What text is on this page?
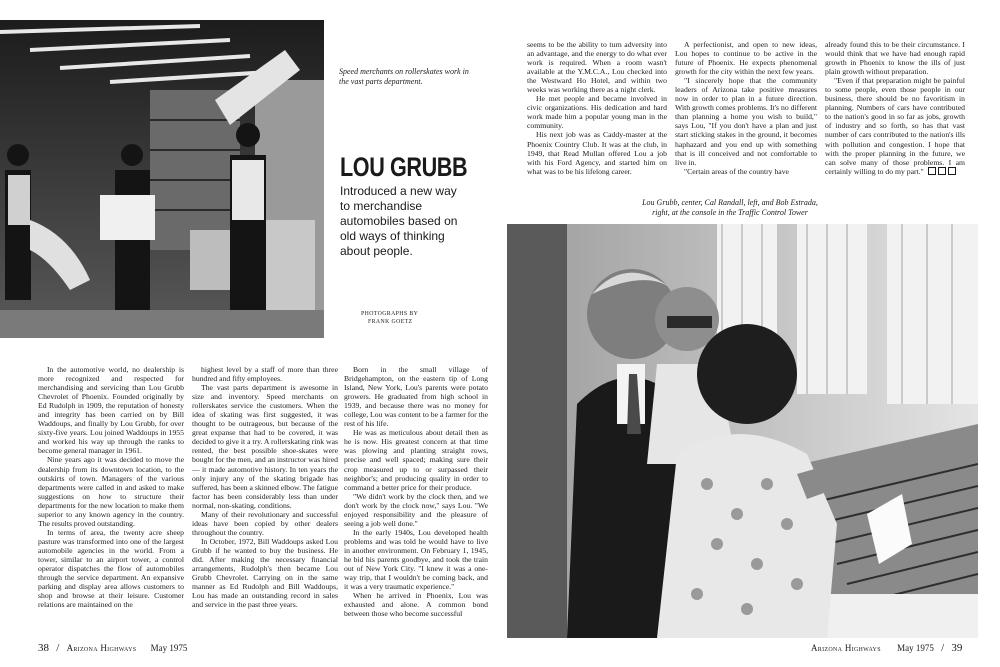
Speed merchants on rollerskates work in the vast parts department.
LOU GRUBB
Introduced a new way to merchandise automobiles based on old ways of thinking about people.
PHOTOGRAPHS BY
FRANK GOETZ

In the automotive world, no dealership is more recognized and respected for merchandising and servicing than Lou Grubb Chevrolet of Phoenix. Founded originally by Ed Rudolph in 1909, the reputation of honesty and integrity has been carried on by Bill Waddoups, and finally by Lou Grubb, for over sixty-five years. Lou joined Waddoups in 1955 and worked his way up through the ranks to become general manager in 1961.

Nine years ago it was decided to move the dealership from its downtown location, to the outskirts of town. Managers of the various departments were called in and asked to make suggestions on how to structure their departments for the new location to make them superior to any known agency in the country. The results proved outstanding.

In terms of area, the twenty acre sheep pasture was transformed into one of the largest automobile agencies in the world. From a tower, similar to an airport tower, a control operator dispatches the flow of automobiles through the service department. An expansive parking and display area allows customers to shop and browse at their leisure. Customer relations are maintained on the

highest level by a staff of more than three hundred and fifty employees.

The vast parts department is awesome in size and inventory. Speed merchants on rollerskates service the customers. When the idea of skating was first suggested, it was thought to be outrageous, but because of the great expanse that had to be covered, it was decided to give it a try. A rollerskating rink was rented, the best possible shoe-skates were bought for the men, and an instructor was hired — it made automotive history. In ten years the only injury any of the skating brigade has suffered, has been a skinned elbow. The fatigue factor has been considerably less than under normal, non-skating, conditions.

Many of their revolutionary and successful ideas have been copied by other dealers throughout the country.

In October, 1972, Bill Waddoups asked Lou Grubb if he wanted to buy the business. He did. After making the necessary financial arrangements, Rudolph's then became Lou Grubb Chevrolet. Carrying on in the same manner as Ed Rudolph and Bill Waddoups, Lou has made an outstanding record in sales and service in the past three years.

Born in the small village of Bridgehampton, on the eastern tip of Long Island, New York, Lou's parents were potato growers. He graduated from high school in 1939, and because there was no money for college, Lou was content to be a farmer for the rest of his life.

He was as meticulous about detail then as he is now. His greatest concern at that time was plowing and planting straight rows, precise and well spaced; making sure their crop measured up to or surpassed their neighbor's; and producing quality in order to command a better price for their produce.

"We didn't work by the clock then, and we don't work by the clock now," says Lou. "We enjoyed responsibility and the pleasure of seeing a job well done."

In the early 1940s, Lou developed health problems and was told he would have to live in another environment. On February 1, 1945, he bid his parents goodbye, and took the train out of New York City. "I knew it was a one-way trip, that I wouldn't be coming back, and it was a very traumatic experience."

When he arrived in Phoenix, Lou was exhausted and alone. A common bond between those who become successful

38 / Arizona Highways May 1975

seems to be the ability to turn adversity into an advantage, and the energy to do what ever work is required. When a room wasn't available at the Y.M.C.A., Lou checked into the Westward Ho Hotel, and within two weeks was working there as a night clerk.

He met people and became involved in civic organizations. His dedication and hard work made him a popular young man in the community.

His next job was as Caddy-master at the Phoenix Country Club. It was at the club, in 1949, that Read Mullan offered Lou a job with his Ford Agency, and started him on what was to be his lifelong career.

A perfectionist, and open to new ideas, Lou hopes to continue to be active in the future of Phoenix. He expects phenomenal growth for the city within the next few years.

"I sincerely hope that the community leaders of Arizona take positive measures now in order to plan in a future direction. With growth comes problems. It's no different than planning a home you wish to build," says Lou, "If you don't have a plan and just start sticking stakes in the ground, it becomes haphazard and you end up with something that is ill conceived and not comfortable to live in.

"Certain areas of the country have

already found this to be their circumstance. I would think that we have had enough rapid growth in Phoenix to know the ills of just plain growth without preparation.

"Even if that preparation might be painful to some people, even those people in our business, there should be no favoritism in planning. Numbers of cars have contributed to the nation's good in so far as jobs, growth of industry and so forth, so has that vast number of cars contributed to the nation's ills with pollution and congestion. I hope that with the proper planning in the future, we can solve many of those problems. I am certainly willing to do my part."

Lou Grubb, center, Cal Randall, left, and Bob Estrada,
right, at the console in the Traffic Control Tower
Arizona Highways May 1975 / 39
